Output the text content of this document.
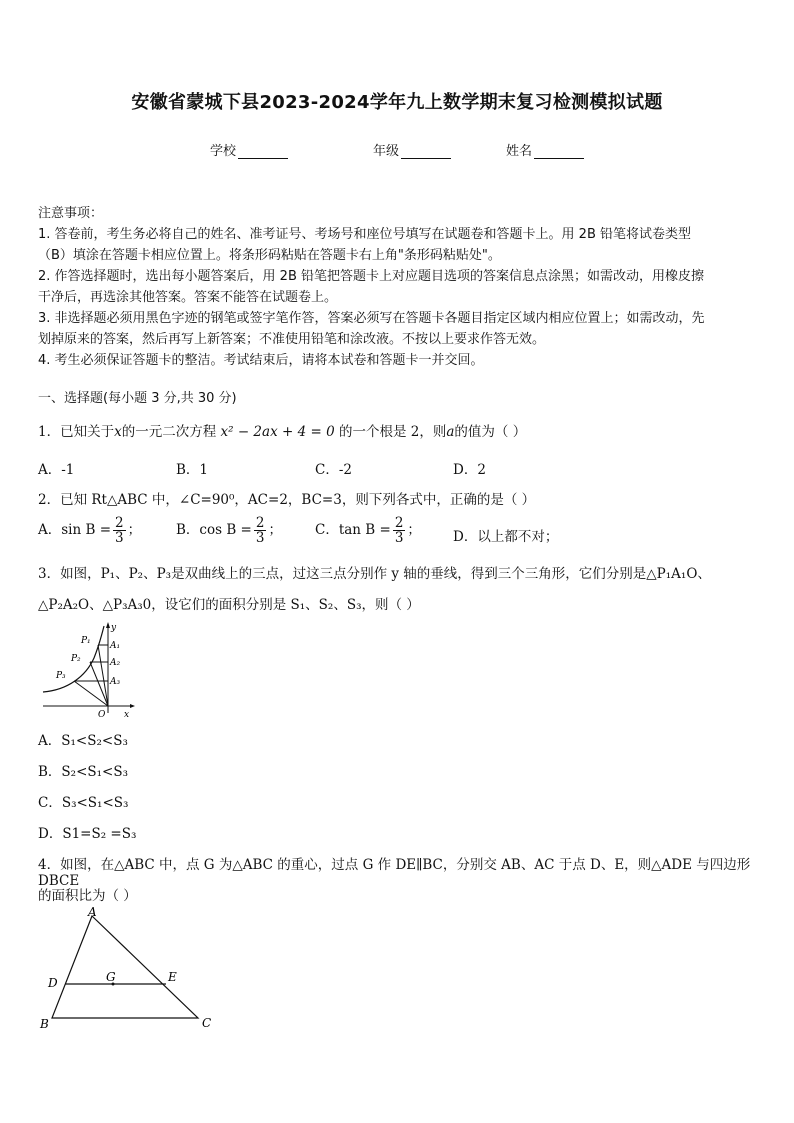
安徽省蒙城下县2023-2024学年九上数学期末复习检测模拟试题
学校	年级	姓名
注意事项：
1. 答卷前，考生务必将自己的姓名、准考证号、考场号和座位号填写在试题卷和答题卡上。用 2B 铅笔将试卷类型
（B）填涂在答题卡相应位置上。将条形码粘贴在答题卡右上角"条形码粘贴处"。
2. 作答选择题时，选出每小题答案后，用 2B 铅笔把答题卡上对应题目选项的答案信息点涂黑；如需改动，用橡皮擦
干净后，再选涂其他答案。答案不能答在试题卷上。
3. 非选择题必须用黑色字迹的钢笔或签字笔作答，答案必须写在答题卡各题目指定区域内相应位置上；如需改动，先
划掉原来的答案，然后再写上新答案；不准使用铅笔和涂改液。不按以上要求作答无效。
4. 考生必须保证答题卡的整洁。考试结束后，请将本试卷和答题卡一并交回。
一、选择题(每小题 3 分,共 30 分)
1．已知关于x的一元二次方程 x² − 2ax + 4 = 0 的一个根是 2，则a的值为（ ）
A．-1	B．1	C．-2	D．2
2．已知 Rt△ABC 中，∠C=90⁰，AC=2，BC=3，则下列各式中，正确的是（ ）
A．$\sin B = \frac{2}{3}$ ；	B．$\cos B = \frac{2}{3}$ ； C．$\tan B = \frac{2}{3}$ ； D．以上都不对；
3．如图，P₁、P₂、P₃是双曲线上的三点，过这三点分别作 y 轴的垂线，得到三个三角形，它们分别是△P₁A₁O、
△P₂A₂O、△P₃A₃0，设它们的面积分别是 S₁、S₂、S₃，则（ ）
y
x
O
P₁
P₂
P₃
A₁
A₂
A₃
A．S₁<S₂<S₃
B．S₂<S₁<S₃
C．S₃<S₁<S₃
D．S1=S₂ =S₃
4．如图，在△ABC 中，点 G 为△ABC 的重心，过点 G 作 DE∥BC，分别交 AB、AC 于点 D、E，则△ADE 与四边形 DBCE
的面积比为（ ）
A
B	C
D	E
G
